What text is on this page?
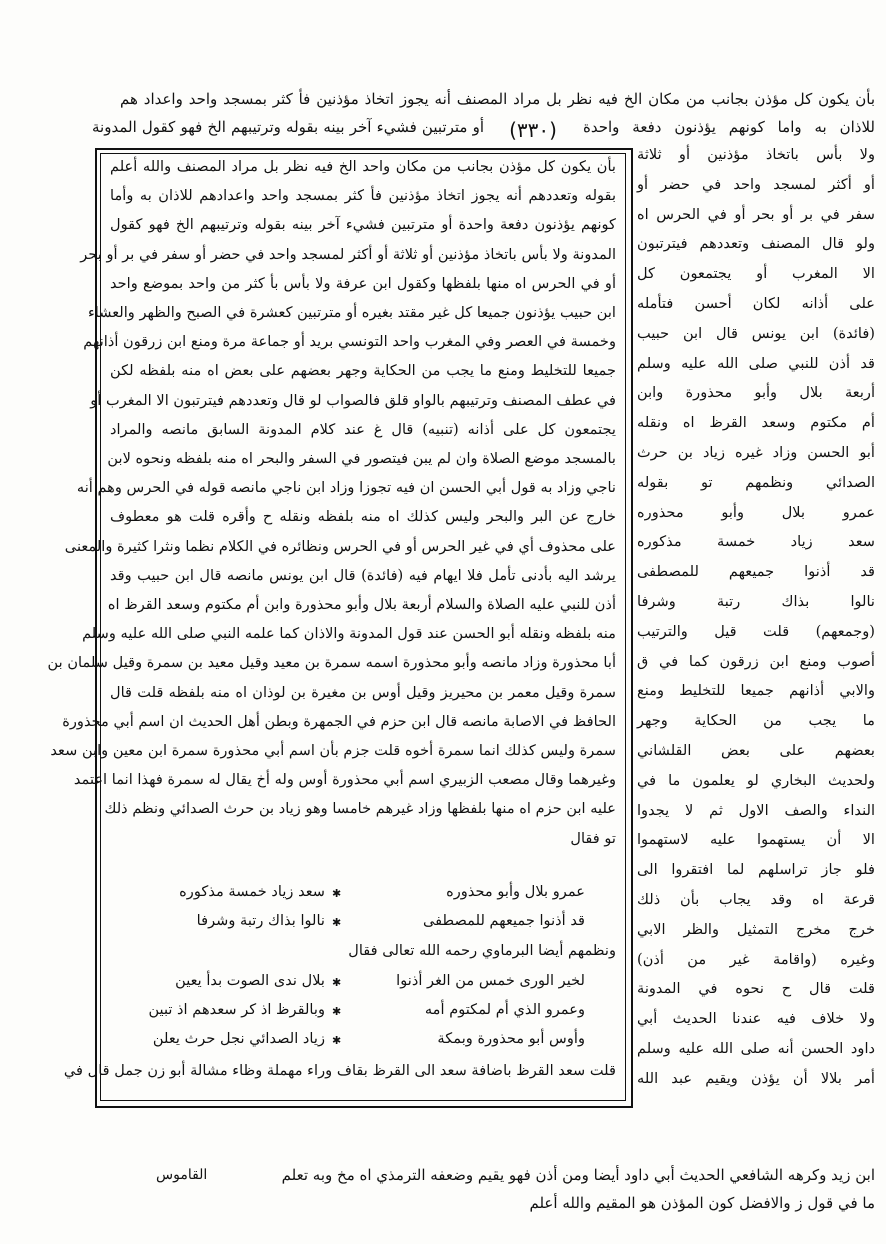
بأن يكون كل مؤذن بجانب من مكان الخ فيه نظر بل مراد المصنف أنه يجوز اتخاذ مؤذنين فأ كثر بمسجد واحد واعداد هم
للاذان به واما كونهم يؤذنون دفعة واحدة
(٣٣٠)
أو مترتبين فشيء آخر بينه بقوله وترتيبهم الخ فهو كقول المدونة
بأن يكون كل مؤذن بجانب من مكان واحد الخ فيه نظر بل مراد المصنف والله أعلم
بقوله وتعددهم أنه يجوز اتخاذ مؤذنين فأ كثر بمسجد واحد واعدادهم للاذان به وأما
كونهم يؤذنون دفعة واحدة أو مترتبين فشيء آخر بينه بقوله وترتيبهم الخ فهو كقول
المدونة ولا بأس باتخاذ مؤذنين أو ثلاثة أو أكثر لمسجد واحد في حضر أو سفر في بر أو بحر
أو في الحرس اه منها بلفظها وكقول ابن عرفة ولا بأس بأ كثر من واحد بموضع واحد
ابن حبيب يؤذنون جميعا كل غير مقتد بغيره أو مترتبين كعشرة في الصبح والظهر والعشاء
وخمسة في العصر وفي المغرب واحد التونسي بريد أو جماعة مرة ومنع ابن زرقون أذانهم
جميعا للتخليط ومنع ما يجب من الحكاية وجهر بعضهم على بعض اه منه بلفظه لكن
في عطف المصنف وترتيبهم بالواو قلق فالصواب لو قال وتعددهم فيترتبون الا المغرب أو
يجتمعون كل على أذانه (تنبيه) قال غ عند كلام المدونة السابق مانصه والمراد
بالمسجد موضع الصلاة وان لم يبن فيتصور في السفر والبحر اه منه بلفظه ونحوه لابن
ناجي وزاد به قول أبي الحسن ان فيه تجوزا وزاد ابن ناجي مانصه قوله في الحرس وهم أنه
خارج عن البر والبحر وليس كذلك اه منه بلفظه ونقله ح وأقره قلت هو معطوف
على محذوف أي في غير الحرس أو في الحرس ونظائره في الكلام نظما ونثرا كثيرة والمعنى
يرشد اليه بأدنى تأمل فلا ايهام فيه (فائدة) قال ابن يونس مانصه قال ابن حبيب وقد
أذن للنبي عليه الصلاة والسلام أربعة بلال وأبو محذورة وابن أم مكتوم وسعد القرظ اه
منه بلفظه ونقله أبو الحسن عند قول المدونة والاذان كما علمه النبي صلى الله عليه وسلم
أبا محذورة وزاد مانصه وأبو محذورة اسمه سمرة بن معيد وقيل معيد بن سمرة وقيل سلمان بن
سمرة وقيل معمر بن محيريز وقيل أوس بن مغيرة بن لوذان اه منه بلفظه قلت قال
الحافظ في الاصابة مانصه قال ابن حزم في الجمهرة وبطن أهل الحديث ان اسم أبي محذورة
سمرة وليس كذلك انما سمرة أخوه قلت جزم بأن اسم أبي محذورة سمرة ابن معين وابن سعد
وغيرهما وقال مصعب الزبيري اسم أبي محذورة أوس وله أخ يقال له سمرة فهذا انما اعتمد
عليه ابن حزم اه منها بلفظها وزاد غيرهم خامسا وهو زياد بن حرث الصدائي ونظم ذلك
تو فقال
عمرو بلال وأبو محذوره
✱
سعد زياد خمسة مذكوره
قد أذنوا جميعهم للمصطفى
✱
نالوا بذاك رتبة وشرفا
ونظمهم أيضا البرماوي رحمه الله تعالى فقال
لخير الورى خمس من الغر أذنوا
✱
بلال ندى الصوت بدأ يعين
وعمرو الذي أم لمكتوم أمه
✱
وبالقرظ اذ كر سعدهم اذ تبين
وأوس أبو محذورة وبمكة
✱
زياد الصدائي نجل حرث يعلن
قلت سعد القرظ باضافة سعد الى القرظ بقاف وراء مهملة وظاء مشالة أبو زن جمل قال في
ولا بأس باتخاذ مؤذنين أو ثلاثة
أو أكثر لمسجد واحد في حضر أو
سفر في بر أو بحر أو في الحرس اه
ولو قال المصنف وتعددهم فيترتبون
الا المغرب أو يجتمعون كل
على أذانه لكان أحسن فتأمله
(فائدة) ابن يونس قال ابن حبيب
قد أذن للنبي صلى الله عليه وسلم
أربعة بلال وأبو محذورة وابن
أم مكتوم وسعد القرظ اه ونقله
أبو الحسن وزاد غيره زياد بن حرث
الصدائي ونظمهم تو بقوله
عمرو بلال وأبو محذوره
سعد زياد خمسة مذكوره
قد أذنوا جميعهم للمصطفى
نالوا بذاك رتبة وشرفا
(وجمعهم) قلت قيل والترتيب
أصوب ومنع ابن زرقون كما في ق
والابي أذانهم جميعا للتخليط ومنع
ما يجب من الحكاية وجهر
بعضهم على بعض القلشاني
ولحديث البخاري لو يعلمون ما في
النداء والصف الاول ثم لا يجدوا
الا أن يستهموا عليه لاستهموا
فلو جاز تراسلهم لما افتقروا الى
قرعة اه وقد يجاب بأن ذلك
خرج مخرج التمثيل والظر الابي
وغيره (واقامة غير من أذن)
قلت قال ح نحوه في المدونة
ولا خلاف فيه عندنا الحديث أبي
داود الحسن أنه صلى الله عليه وسلم
أمر بلالا أن يؤذن ويقيم عبد الله
ابن زيد وكرهه الشافعي الحديث أبي داود أيضا ومن أذن فهو يقيم وضعفه الترمذي اه مخ وبه تعلم
القاموس
ما في قول ز والافضل كون المؤذن هو المقيم والله أعلم
